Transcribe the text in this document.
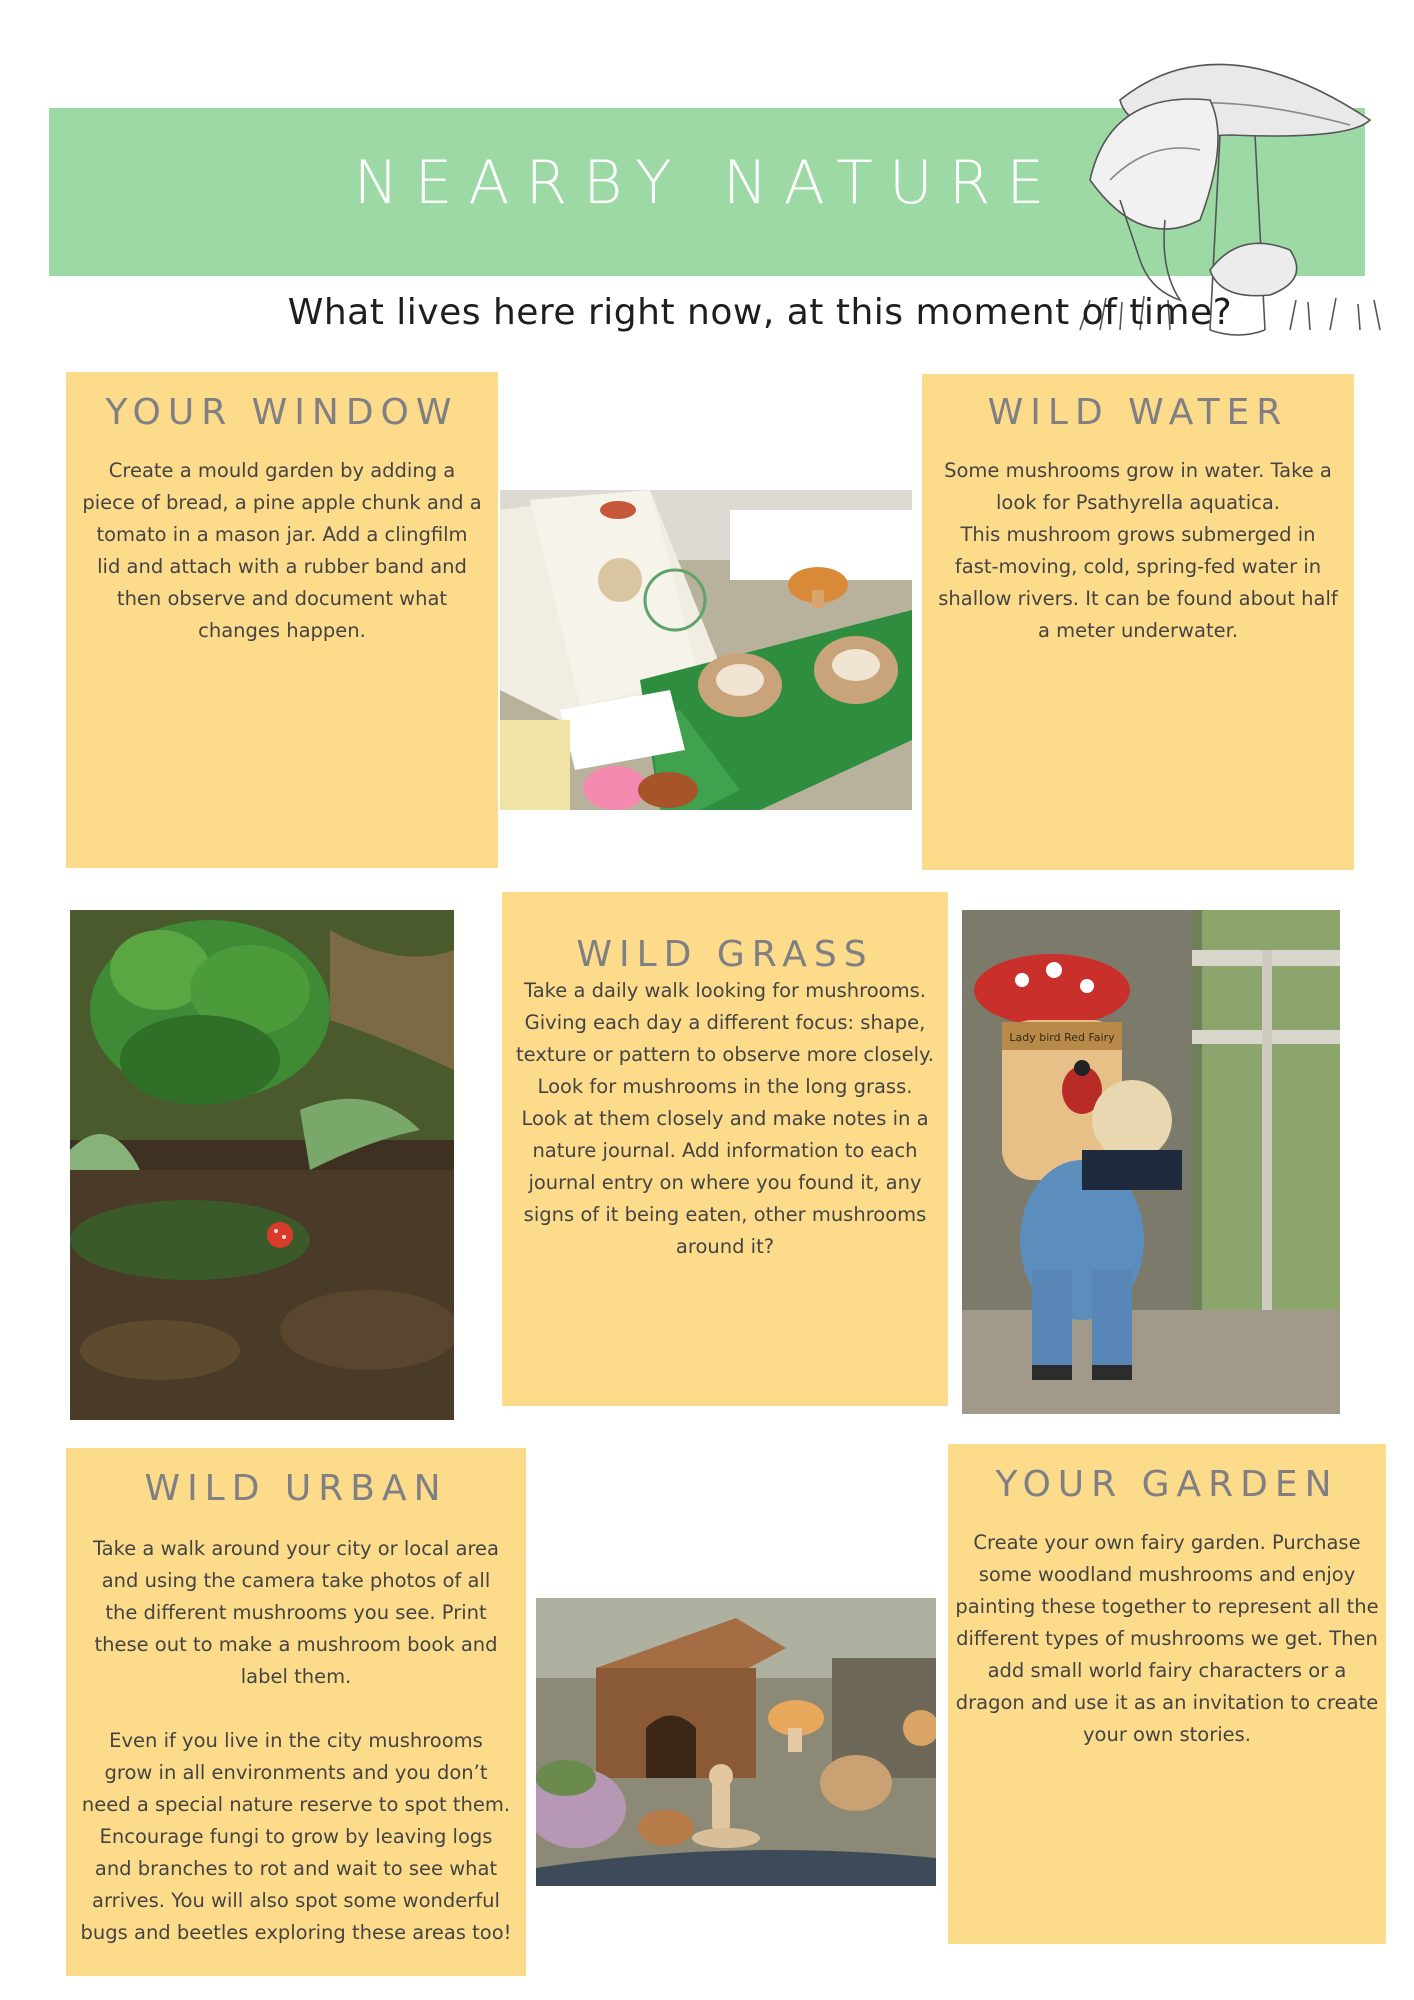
NEARBY NATURE
What lives here right now, at this moment of time?
YOUR WINDOW

Create a mould garden by adding a
piece of bread, a pine apple chunk and a
tomato in a mason jar. Add a clingfilm
lid and attach with a rubber band and
then observe and document what
changes happen.

WILD WATER

Some mushrooms grow in water. Take a
look for Psathyrella aquatica.
This mushroom grows submerged in
fast-moving, cold, spring-fed water in
shallow rivers. It can be found about half
a meter underwater.

WILD GRASS

Take a daily walk looking for mushrooms.
Giving each day a different focus: shape,
texture or pattern to observe more closely.
Look for mushrooms in the long grass.
Look at them closely and make notes in a
nature journal. Add information to each
journal entry on where you found it, any
signs of it being eaten, other mushrooms
around it?

WILD URBAN

Take a walk around your city or local area
and using the camera take photos of all
the different mushrooms you see. Print
these out to make a mushroom book and
label them.

Even if you live in the city mushrooms
grow in all environments and you don’t
need a special nature reserve to spot them.
Encourage fungi to grow by leaving logs
and branches to rot and wait to see what
arrives. You will also spot some wonderful
bugs and beetles exploring these areas too!

YOUR GARDEN

Create your own fairy garden. Purchase
some woodland mushrooms and enjoy
painting these together to represent all the
different types of mushrooms we get. Then
add small world fairy characters or a
dragon and use it as an invitation to create
your own stories.

Lady bird Red Fairy
